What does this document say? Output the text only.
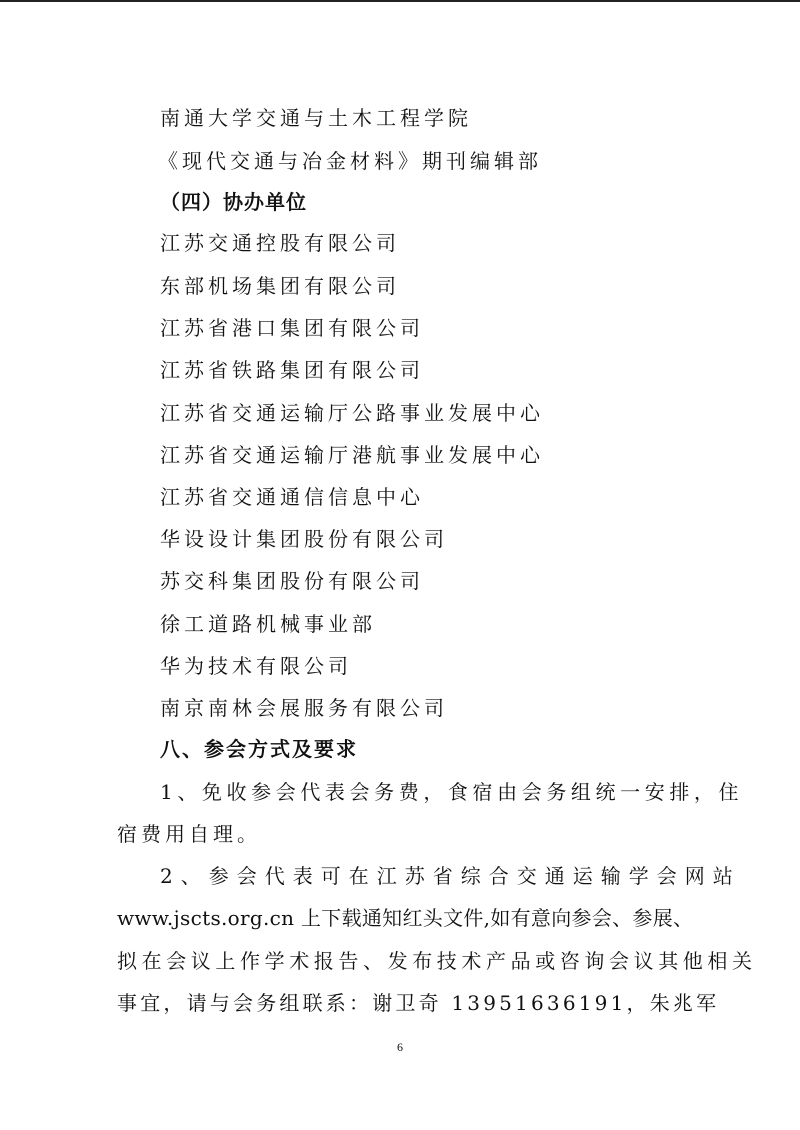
南通大学交通与土木工程学院
《现代交通与冶金材料》期刊编辑部
（四）协办单位
江苏交通控股有限公司
东部机场集团有限公司
江苏省港口集团有限公司
江苏省铁路集团有限公司
江苏省交通运输厅公路事业发展中心
江苏省交通运输厅港航事业发展中心
江苏省交通通信信息中心
华设设计集团股份有限公司
苏交科集团股份有限公司
徐工道路机械事业部
华为技术有限公司
南京南林会展服务有限公司
八、参会方式及要求
1、免收参会代表会务费，食宿由会务组统一安排，住
宿费用自理。
2、参会代表可在江苏省综合交通运输学会网站
www.jscts.org.cn 上下载通知红头文件,如有意向参会、参展、
拟在会议上作学术报告、发布技术产品或咨询会议其他相关
事宜，请与会务组联系：谢卫奇 13951636191，朱兆军
6
